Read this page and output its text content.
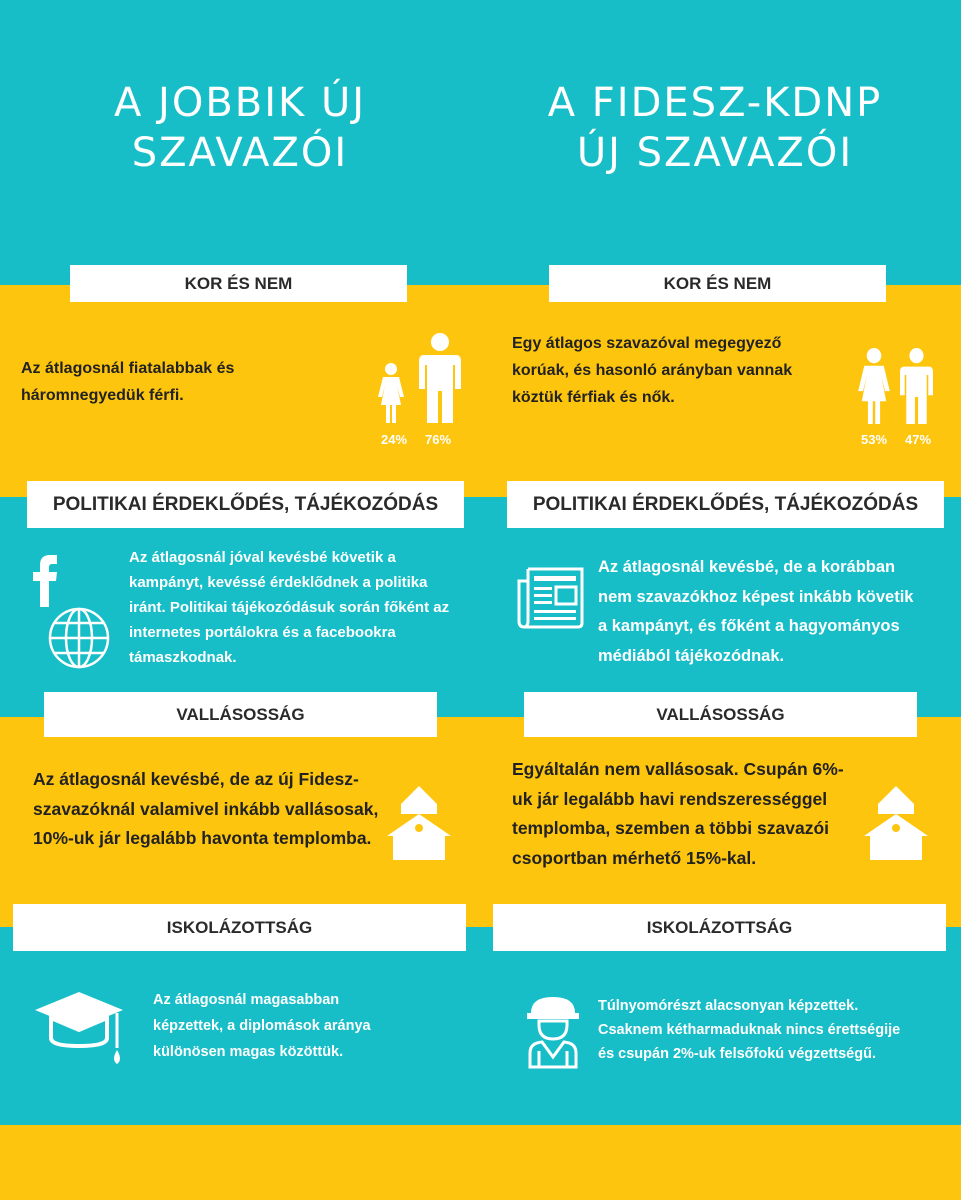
A JOBBIK ÚJ
SZAVAZÓI
A FIDESZ-KDNP
ÚJ SZAVAZÓI
KOR ÉS NEM	KOR ÉS NEM
Az átlagosnál fiatalabbak és
háromnegyedük férfi.
24% 76%
Egy átlagos szavazóval megegyező
korúak, és hasonló arányban vannak
köztük férfiak és nők.
53% 47%
POLITIKAI ÉRDEKLŐDÉS, TÁJÉKOZÓDÁS	POLITIKAI ÉRDEKLŐDÉS, TÁJÉKOZÓDÁS
Az átlagosnál jóval kevésbé követik a
kampányt, kevéssé érdeklődnek a politika
iránt. Politikai tájékozódásuk során főként az
internetes portálokra és a facebookra
támaszkodnak.
Az átlagosnál kevésbé, de a korábban
nem szavazókhoz képest inkább követik
a kampányt, és főként a hagyományos
médiából tájékozódnak.
VALLÁSOSSÁG	VALLÁSOSSÁG
Az átlagosnál kevésbé, de az új Fidesz-
szavazóknál valamivel inkább vallásosak,
10%-uk jár legalább havonta templomba.
Egyáltalán nem vallásosak. Csupán 6%-
uk jár legalább havi rendszerességgel
templomba, szemben a többi szavazói
csoportban mérhető 15%-kal.
ISKOLÁZOTTSÁG	ISKOLÁZOTTSÁG
Az átlagosnál magasabban
képzettek, a diplomások aránya
különösen magas közöttük.
Túlnyomórészt alacsonyan képzettek.
Csaknem kétharmaduknak nincs érettségije
és csupán 2%-uk felsőfokú végzettségű.
